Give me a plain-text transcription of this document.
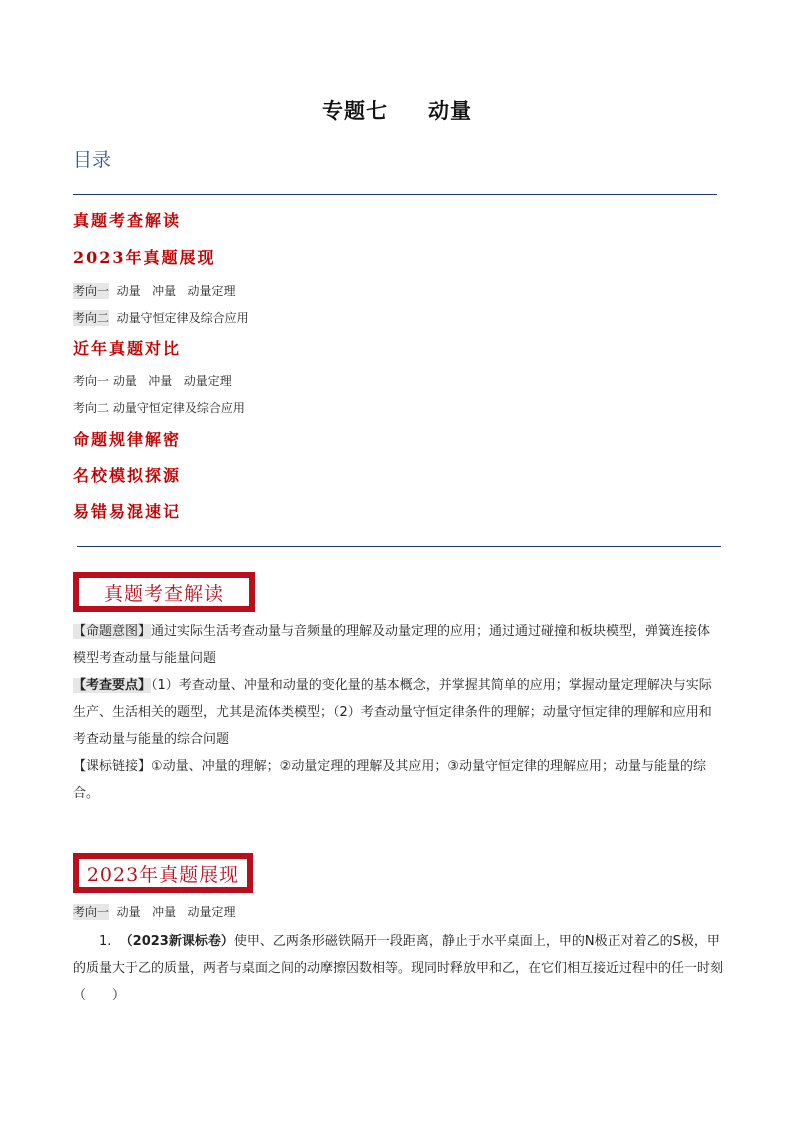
专题七 动量
目录
真题考查解读
2023年真题展现
考向一  动量   冲量   动量定理
考向二  动量守恒定律及综合应用
近年真题对比
考向一 动量   冲量   动量定理
考向二 动量守恒定律及综合应用
命题规律解密
名校模拟探源
易错易混速记
真题考查解读
【命题意图】通过实际生活考查动量与音频量的理解及动量定理的应用；通过通过碰撞和板块模型，弹簧连接体模型考查动量与能量问题
【考查要点】（1）考查动量、冲量和动量的变化量的基本概念，并掌握其简单的应用；掌握动量定理解决与实际生产、生活相关的题型，尤其是流体类模型；（2）考查动量守恒定律条件的理解；动量守恒定律的理解和应用和考查动量与能量的综合问题
【课标链接】①动量、冲量的理解；②动量定理的理解及其应用；③动量守恒定律的理解应用；动量与能量的综合。
2023年真题展现
考向一  动量   冲量   动量定理
1. （2023新课标卷）使甲、乙两条形磁铁隔开一段距离，静止于水平桌面上，甲的N极正对着乙的S极，甲的质量大于乙的质量，两者与桌面之间的动摩擦因数相等。现同时释放甲和乙，在它们相互接近过程中的任一时刻（　　）
